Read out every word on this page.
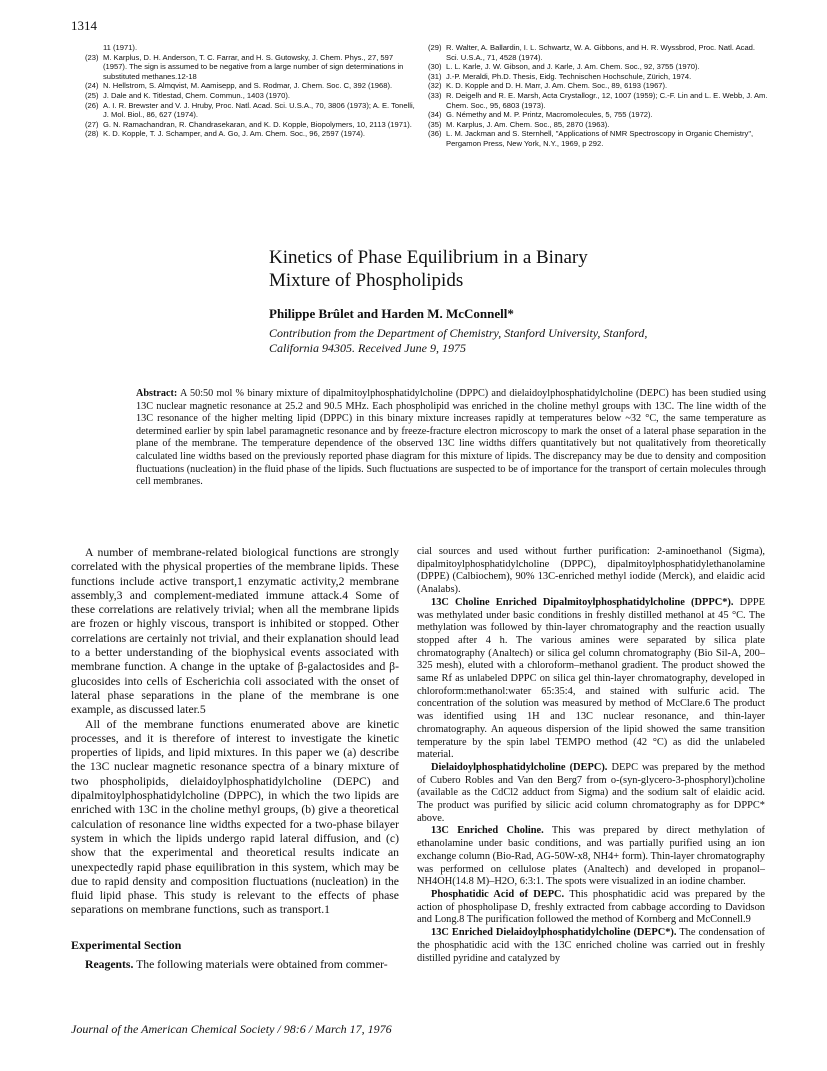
1314
11 (1971).
(23) M. Karplus, D. H. Anderson, T. C. Farrar, and H. S. Gutowsky, J. Chem. Phys., 27, 597 (1957). The sign is assumed to be negative from a large number of sign determinations in substituted methanes.12-18
(24) N. Hellstrom, S. Almqvist, M. Aamisepp, and S. Rodmar, J. Chem. Soc. C, 392 (1968).
(25) J. Dale and K. Titlestad, Chem. Commun., 1403 (1970).
(26) A. I. R. Brewster and V. J. Hruby, Proc. Natl. Acad. Sci. U.S.A., 70, 3806 (1973); A. E. Tonelli, J. Mol. Biol., 86, 627 (1974).
(27) G. N. Ramachandran, R. Chandrasekaran, and K. D. Kopple, Biopolymers, 10, 2113 (1971).
(28) K. D. Kopple, T. J. Schamper, and A. Go, J. Am. Chem. Soc., 96, 2597 (1974).
(29) R. Walter, A. Ballardin, I. L. Schwartz, W. A. Gibbons, and H. R. Wyssbrod, Proc. Natl. Acad. Sci. U.S.A., 71, 4528 (1974).
(30) L. L. Karle, J. W. Gibson, and J. Karle, J. Am. Chem. Soc., 92, 3755 (1970).
(31) J.-P. Meraldi, Ph.D. Thesis, Eidg. Technischen Hochschule, Zürich, 1974.
(32) K. D. Kopple and D. H. Marr, J. Am. Chem. Soc., 89, 6193 (1967).
(33) R. Deigelh and R. E. Marsh, Acta Crystallogr., 12, 1007 (1959); C.-F. Lin and L. E. Webb, J. Am. Chem. Soc., 95, 6803 (1973).
(34) G. Némethy and M. P. Printz, Macromolecules, 5, 755 (1972).
(35) M. Karplus, J. Am. Chem. Soc., 85, 2870 (1963).
(36) L. M. Jackman and S. Sternhell, "Applications of NMR Spectroscopy in Organic Chemistry", Pergamon Press, New York, N.Y., 1969, p 292.
Kinetics of Phase Equilibrium in a Binary Mixture of Phospholipids
Philippe Brûlet and Harden M. McConnell*
Contribution from the Department of Chemistry, Stanford University, Stanford, California 94305. Received June 9, 1975
Abstract: A 50:50 mol % binary mixture of dipalmitoylphosphatidylcholine (DPPC) and dielaidoylphosphatidylcholine (DEPC) has been studied using 13C nuclear magnetic resonance at 25.2 and 90.5 MHz. Each phospholipid was enriched in the choline methyl groups with 13C. The line width of the 13C resonance of the higher melting lipid (DPPC) in this binary mixture increases rapidly at temperatures below ~32 °C, the same temperature as determined earlier by spin label paramagnetic resonance and by freeze-fracture electron microscopy to mark the onset of a lateral phase separation in the plane of the membrane. The temperature dependence of the observed 13C line widths differs quantitatively but not qualitatively from theoretically calculated line widths based on the previously reported phase diagram for this mixture of lipids. The discrepancy may be due to density and composition fluctuations (nucleation) in the fluid phase of the lipids. Such fluctuations are suspected to be of importance for the transport of certain molecules through cell membranes.

A number of membrane-related biological functions are strongly correlated with the physical properties of the membrane lipids. These functions include active transport,1 enzymatic activity,2 membrane assembly,3 and complement-mediated immune attack.4 Some of these correlations are relatively trivial; when all the membrane lipids are frozen or highly viscous, transport is inhibited or stopped. Other correlations are certainly not trivial, and their explanation should lead to a better understanding of the biophysical events associated with membrane function. A change in the uptake of β-galactosides and β-glucosides into cells of Escherichia coli associated with the onset of lateral phase separations in the plane of the membrane is one example, as discussed later.5

All of the membrane functions enumerated above are kinetic processes, and it is therefore of interest to investigate the kinetic properties of lipids, and lipid mixtures. In this paper we (a) describe the 13C nuclear magnetic resonance spectra of a binary mixture of two phospholipids, dielaidoylphosphatidylcholine (DEPC) and dipalmitoylphosphatidylcholine (DPPC), in which the two lipids are enriched with 13C in the choline methyl groups, (b) give a theoretical calculation of resonance line widths expected for a two-phase bilayer system in which the lipids undergo rapid lateral diffusion, and (c) show that the experimental and theoretical results indicate an unexpectedly rapid phase equilibration in this system, which may be due to rapid density and composition fluctuations (nucleation) in the fluid lipid phase. This study is relevant to the effects of phase separations on membrane functions, such as transport.1

Experimental Section

Reagents. The following materials were obtained from commer-

cial sources and used without further purification: 2-aminoethanol (Sigma), dipalmitoylphosphatidylcholine (DPPC), dipalmitoylphosphatidylethanolamine (DPPE) (Calbiochem), 90% 13C-enriched methyl iodide (Merck), and elaidic acid (Analabs).

13C Choline Enriched Dipalmitoylphosphatidylcholine (DPPC*). DPPE was methylated under basic conditions in freshly distilled methanol at 45 °C. The methylation was followed by thin-layer chromatography and the reaction usually stopped after 4 h. The various amines were separated by silica plate chromatography (Analtech) or silica gel column chromatography (Bio Sil-A, 200–325 mesh), eluted with a chloroform–methanol gradient. The product showed the same Rf as unlabeled DPPC on silica gel thin-layer chromatography, developed in chloroform:methanol:water 65:35:4, and stained with sulfuric acid. The concentration of the solution was measured by method of McClare.6 The product was identified using 1H and 13C nuclear resonance, and thin-layer chromatography. An aqueous dispersion of the lipid showed the same transition temperature by the spin label TEMPO method (42 °C) as did the unlabeled material.

Dielaidoylphosphatidylcholine (DEPC). DEPC was prepared by the method of Cubero Robles and Van den Berg7 from o-(syn-glycero-3-phosphoryl)choline (available as the CdCl2 adduct from Sigma) and the sodium salt of elaidic acid. The product was purified by silicic acid column chromatography as for DPPC* above.

13C Enriched Choline. This was prepared by direct methylation of ethanolamine under basic conditions, and was partially purified using an ion exchange column (Bio-Rad, AG-50W-x8, NH4+ form). Thin-layer chromatography was performed on cellulose plates (Analtech) and developed in propanol–NH4OH(14.8 M)–H2O, 6:3:1. The spots were visualized in an iodine chamber.

Phosphatidic Acid of DEPC. This phosphatidic acid was prepared by the action of phospholipase D, freshly extracted from cabbage according to Davidson and Long.8 The purification followed the method of Kornberg and McConnell.9

13C Enriched Dielaidoylphosphatidylcholine (DEPC*). The condensation of the phosphatidic acid with the 13C enriched choline was carried out in freshly distilled pyridine and catalyzed by

Journal of the American Chemical Society / 98:6 / March 17, 1976
